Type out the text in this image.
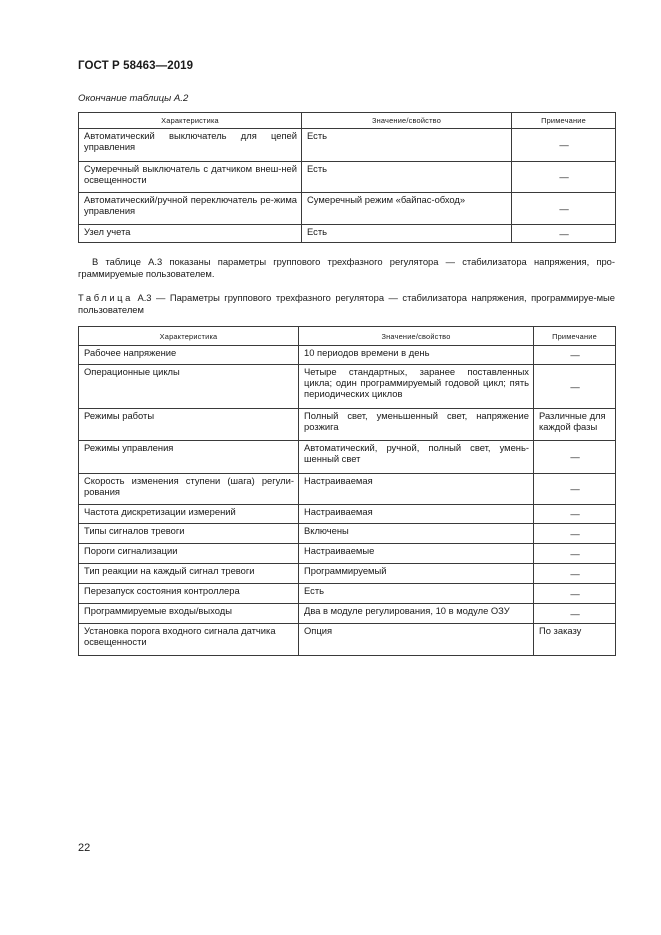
ГОСТ Р 58463—2019
Окончание таблицы А.2
Характеристика	Значение/свойство	Примечание
Автоматический выключатель для цепей управления	Есть	—
Сумеречный выключатель с датчиком внеш-ней освещенности	Есть	—
Автоматический/ручной переключатель ре-жима управления	Сумеречный режим «байпас-обход»	—
Узел учета	Есть	—
В таблице А.3 показаны параметры группового трехфазного регулятора — стабилизатора напряжения, про-граммируемые пользователем.
Таблица А.3 — Параметры группового трехфазного регулятора — стабилизатора напряжения, программируе-мые пользователем
Характеристика	Значение/свойство	Примечание
Рабочее напряжение	10 периодов времени в день	—
Операционные циклы	Четыре стандартных, заранее поставленных цикла; один программируемый годовой цикл; пять периодических циклов	—
Режимы работы	Полный свет, уменьшенный свет, напряжение розжига	Различные для каждой фазы
Режимы управления	Автоматический, ручной, полный свет, умень-шенный свет	—
Скорость изменения ступени (шага) регули-рования	Настраиваемая	—
Частота дискретизации измерений	Настраиваемая	—
Типы сигналов тревоги	Включены	—
Пороги сигнализации	Настраиваемые	—
Тип реакции на каждый сигнал тревоги	Программируемый	—
Перезапуск состояния контроллера	Есть	—
Программируемые входы/выходы	Два в модуле регулирования, 10 в модуле ОЗУ	—
Установка порога входного сигнала датчика освещенности	Опция	По заказу
22
